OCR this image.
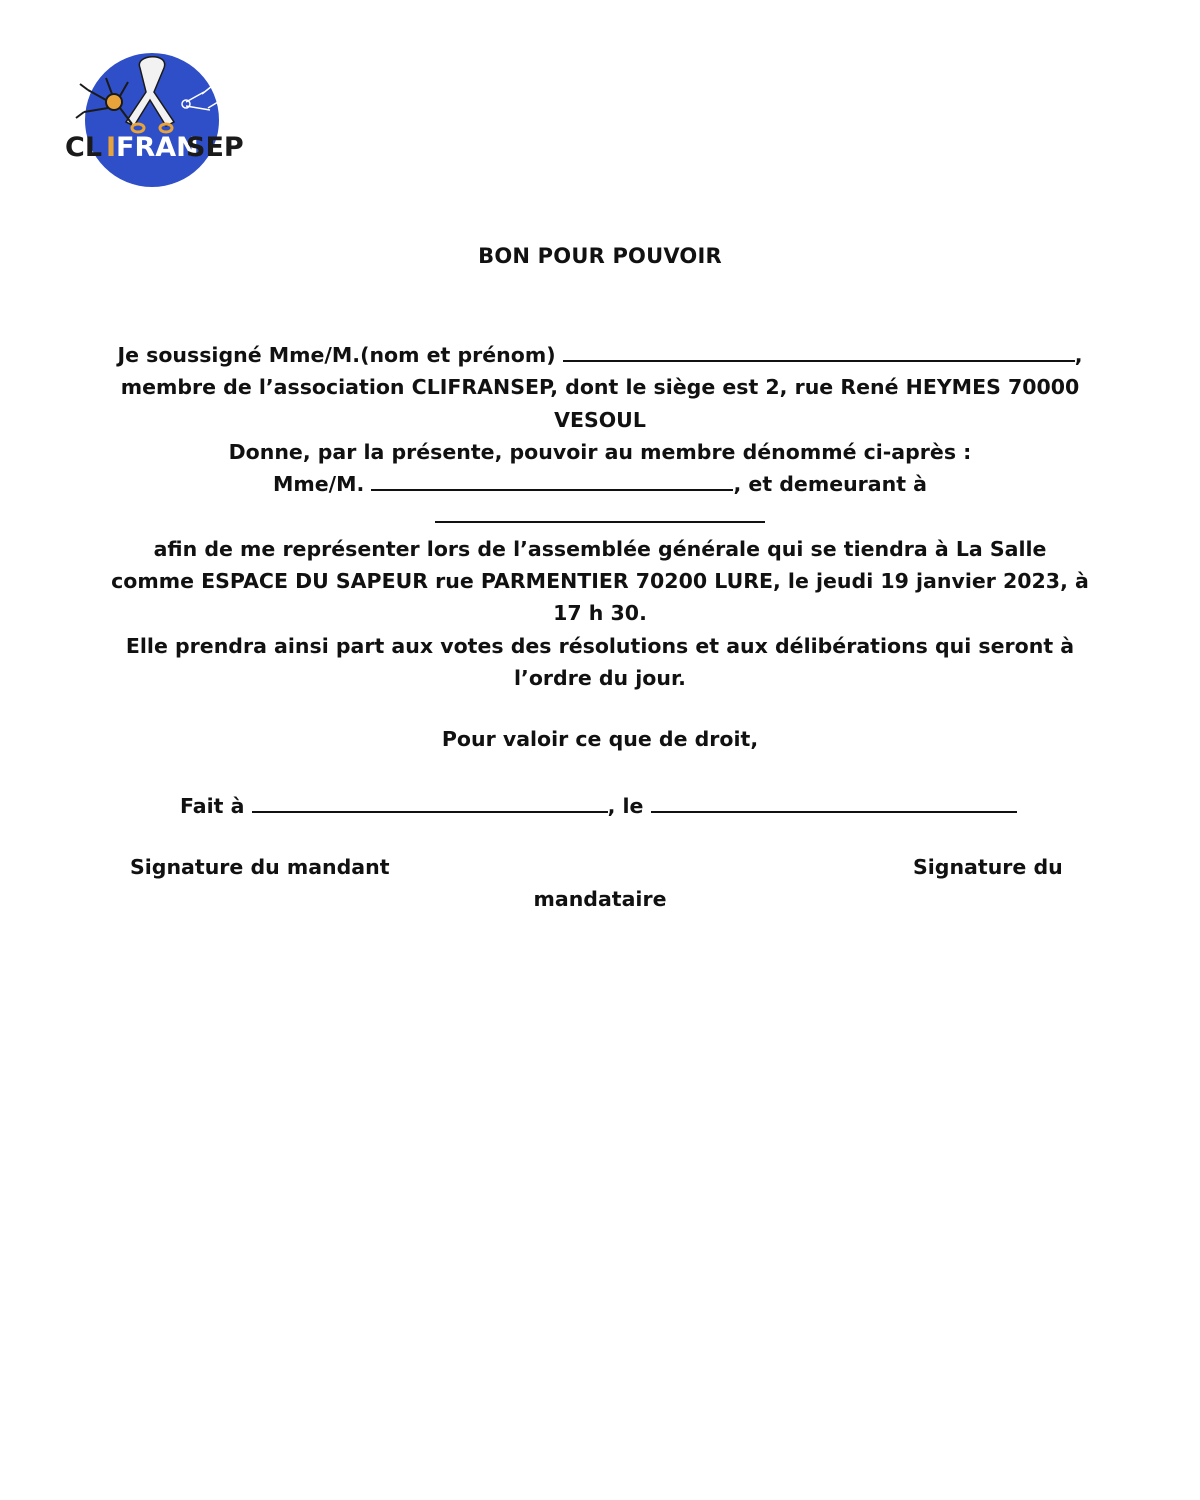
CL I FRAN
SEP
BON POUR POUVOIR
Je soussigné Mme/M.(nom et prénom)	,
membre de l’association CLIFRANSEP, dont le siège est 2, rue René HEYMES 70000
VESOUL
Donne, par la présente, pouvoir au membre dénommé ci-après :
Mme/M.	, et demeurant à
afin de me représenter lors de l’assemblée générale qui se tiendra à La Salle
comme ESPACE DU SAPEUR rue PARMENTIER 70200 LURE, le jeudi 19 janvier 2023, à
17 h 30.
Elle prendra ainsi part aux votes des résolutions et aux délibérations qui seront à
l’ordre du jour.
Pour valoir ce que de droit,
Fait à	, le
Signature du mandant	Signature du
mandataire
